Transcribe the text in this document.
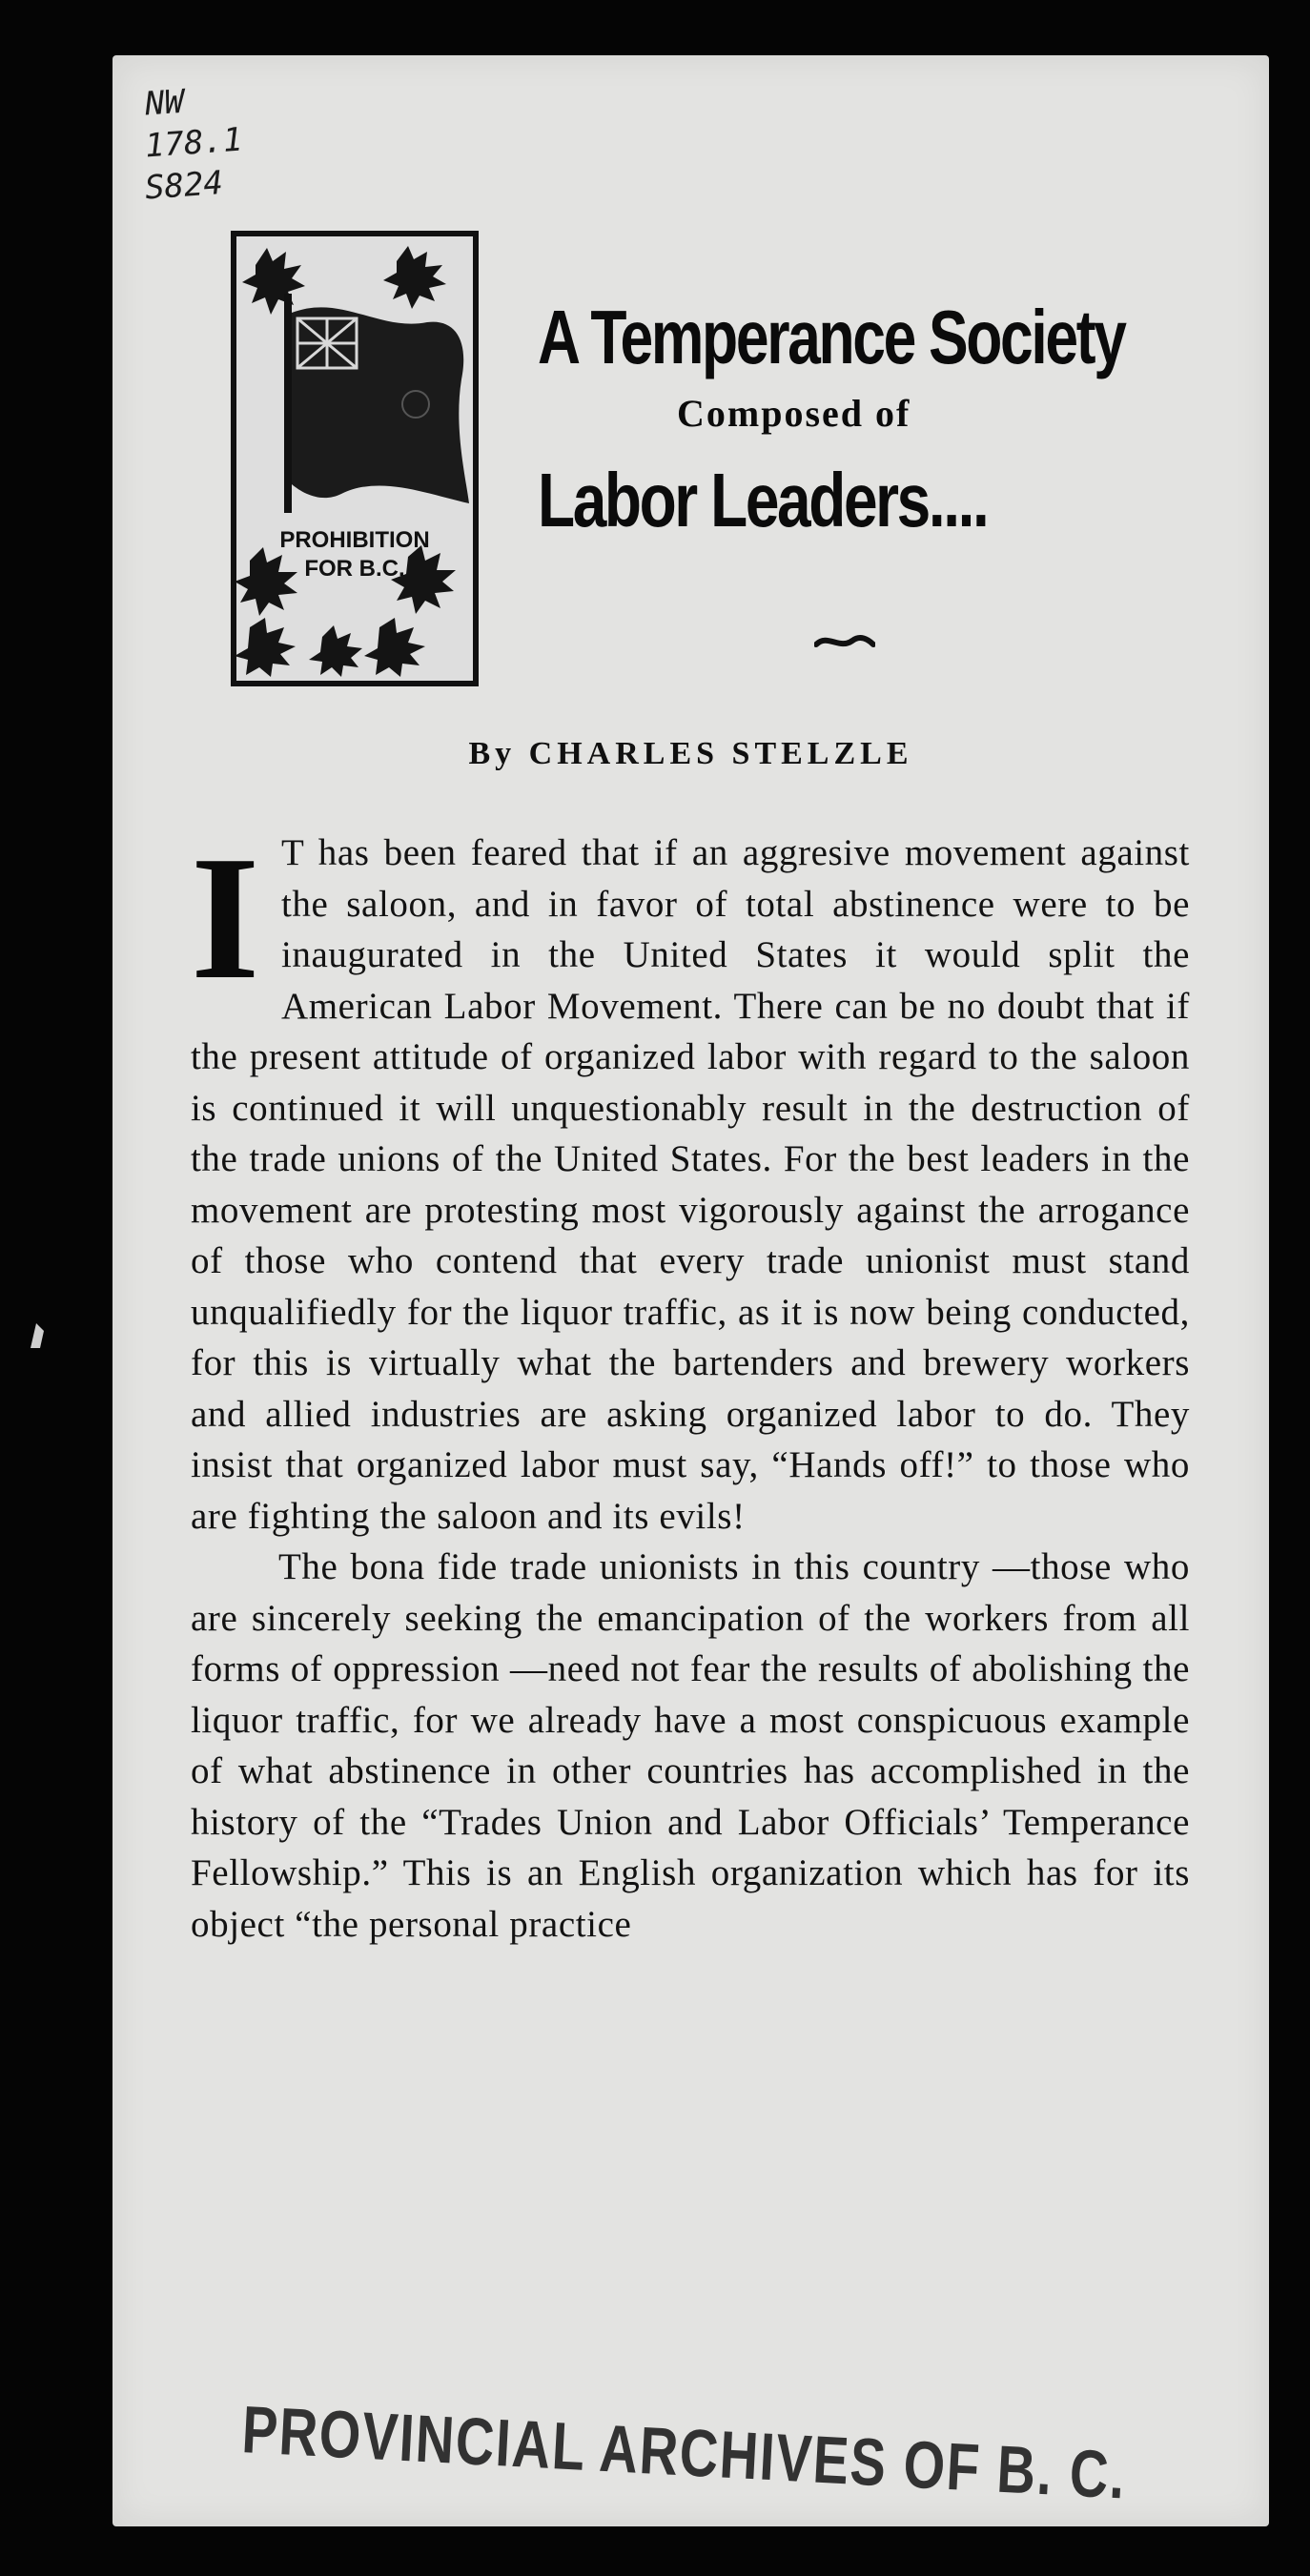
NW
178.1
S824
PROHIBITION
FOR B.C.
A Temperance Society
Composed of
Labor Leaders....
By CHARLES STELZLE

I T has been feared that if an aggresive movement against the saloon, and in favor of total abstinence were to be inaugurated in the United States it would split the American Labor Movement. There can be no doubt that if the present attitude of organized labor with regard to the saloon is continued it will unquestionably result in the destruction of the trade unions of the United States. For the best leaders in the movement are protesting most vigorously against the arrogance of those who contend that every trade unionist must stand unqualifiedly for the liquor traffic, as it is now being conducted, for this is virtually what the bartenders and brewery workers and allied industries are asking organized labor to do. They insist that organized labor must say, “Hands off!” to those who are fighting the saloon and its evils!

The bona fide trade unionists in this country —those who are sincerely seeking the emancipation of the workers from all forms of oppression —need not fear the results of abolishing the liquor traffic, for we already have a most conspicuous example of what abstinence in other countries has accomplished in the history of the “Trades Union and Labor Officials’ Temperance Fellowship.” This is an English organization which has for its object “the personal practice

PROVINCIAL ARCHIVES OF B. C.
